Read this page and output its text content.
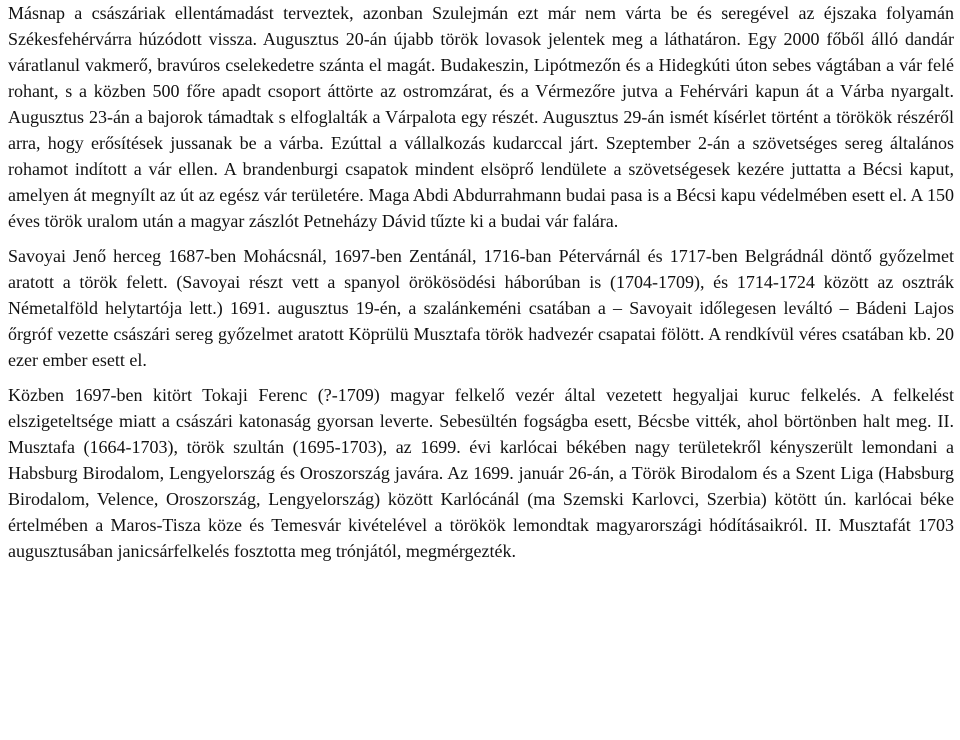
Másnap a császáriak ellentámadást terveztek, azonban Szulejmán ezt már nem várta be és seregével az éjszaka folyamán Székesfehérvárra húzódott vissza. Augusztus 20-án újabb török lovasok jelentek meg a láthatáron. Egy 2000 főből álló dandár váratlanul vakmerő, bravúros cselekedetre szánta el magát. Budakeszin, Lipótmezőn és a Hidegkúti úton sebes vágtában a vár felé rohant, s a közben 500 főre apadt csoport áttörte az ostromzárat, és a Vérmezőre jutva a Fehérvári kapun át a Várba nyargalt. Augusztus 23-án a bajorok támadtak s elfoglalták a Várpalota egy részét. Augusztus 29-án ismét kísérlet történt a törökök részéről arra, hogy erősítések jussanak be a várba. Ezúttal a vállalkozás kudarccal járt. Szeptember 2-án a szövetséges sereg általános rohamot indított a vár ellen. A brandenburgi csapatok mindent elsöprő lendülete a szövetségesek kezére juttatta a Bécsi kaput, amelyen át megnyílt az út az egész vár területére. Maga Abdi Abdurrahmann budai pasa is a Bécsi kapu védelmében esett el. A 150 éves török uralom után a magyar zászlót Petneházy Dávid tűzte ki a budai vár falára.

Savoyai Jenő herceg 1687-ben Mohácsnál, 1697-ben Zentánál, 1716-ban Pétervárnál és 1717-ben Belgrádnál döntő győzelmet aratott a török felett. (Savoyai részt vett a spanyol örökösödési háborúban is (1704-1709), és 1714-1724 között az osztrák Németalföld helytartója lett.) 1691. augusztus 19-én, a szalánkeméni csatában a – Savoyait időlegesen leváltó – Bádeni Lajos őrgróf vezette császári sereg győzelmet aratott Köprülü Musztafa török hadvezér csapatai fölött. A rendkívül véres csatában kb. 20 ezer ember esett el.

Közben 1697-ben kitört Tokaji Ferenc (?-1709) magyar felkelő vezér által vezetett hegyaljai kuruc felkelés. A felkelést elszigeteltsége miatt a császári katonaság gyorsan leverte. Sebesültén fogságba esett, Bécsbe vitték, ahol börtönben halt meg. II. Musztafa (1664-1703), török szultán (1695-1703), az 1699. évi karlócai békében nagy területekről kényszerült lemondani a Habsburg Birodalom, Lengyelország és Oroszország javára. Az 1699. január 26-án, a Török Birodalom és a Szent Liga (Habsburg Birodalom, Velence, Oroszország, Lengyelország) között Karlócánál (ma Szemski Karlovci, Szerbia) kötött ún. karlócai béke értelmében a Maros-Tisza köze és Temesvár kivételével a törökök lemondtak magyarországi hódításaikról. II. Musztafát 1703 augusztusában janicsárfelkelés fosztotta meg trónjától, megmérgezték.
